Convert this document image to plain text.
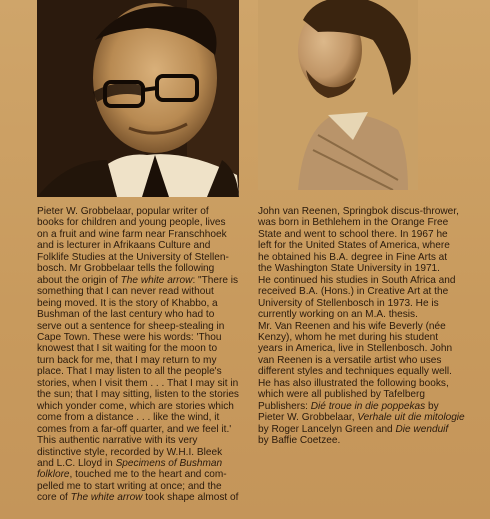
Pieter W. Grobbelaar, popular writer of
books for children and young people, lives
on a fruit and wine farm near Franschhoek
and is lecturer in Afrikaans Culture and
Folklife Studies at the University of Stellen-
bosch. Mr Grobbelaar tells the following
about the origin of The white arrow: "There is
something that I can never read without
being moved. It is the story of Khabbo, a
Bushman of the last century who had to
serve out a sentence for sheep-stealing in
Cape Town. These were his words: 'Thou
knowest that I sit waiting for the moon to
turn back for me, that I may return to my
place. That I may listen to all the people's
stories, when I visit them . . . That I may sit in
the sun; that I may sitting, listen to the stories
which yonder come, which are stories which
come from a distance . . . like the wind, it
comes from a far-off quarter, and we feel it.'
This authentic narrative with its very
distinctive style, recorded by W.H.I. Bleek
and L.C. Lloyd in Specimens of Bushman
folklore, touched me to the heart and com-
pelled me to start writing at once; and the
core of The white arrow took shape almost of
John van Reenen, Springbok discus-thrower,
was born in Bethlehem in the Orange Free
State and went to school there. In 1967 he
left for the United States of America, where
he obtained his B.A. degree in Fine Arts at
the Washington State University in 1971.
He continued his studies in South Africa and
received B.A. (Hons.) in Creative Art at the
University of Stellenbosch in 1973. He is
currently working on an M.A. thesis.
Mr. Van Reenen and his wife Beverly (née
Kenzy), whom he met during his student
years in America, live in Stellenbosch. John
van Reenen is a versatile artist who uses
different styles and techniques equally well.
He has also illustrated the following books,
which were all published by Tafelberg
Publishers: Dié troue in die poppekas by
Pieter W. Grobbelaar, Verhale uit die mitologie
by Roger Lancelyn Green and Die wenduif
by Baffie Coetzee.
